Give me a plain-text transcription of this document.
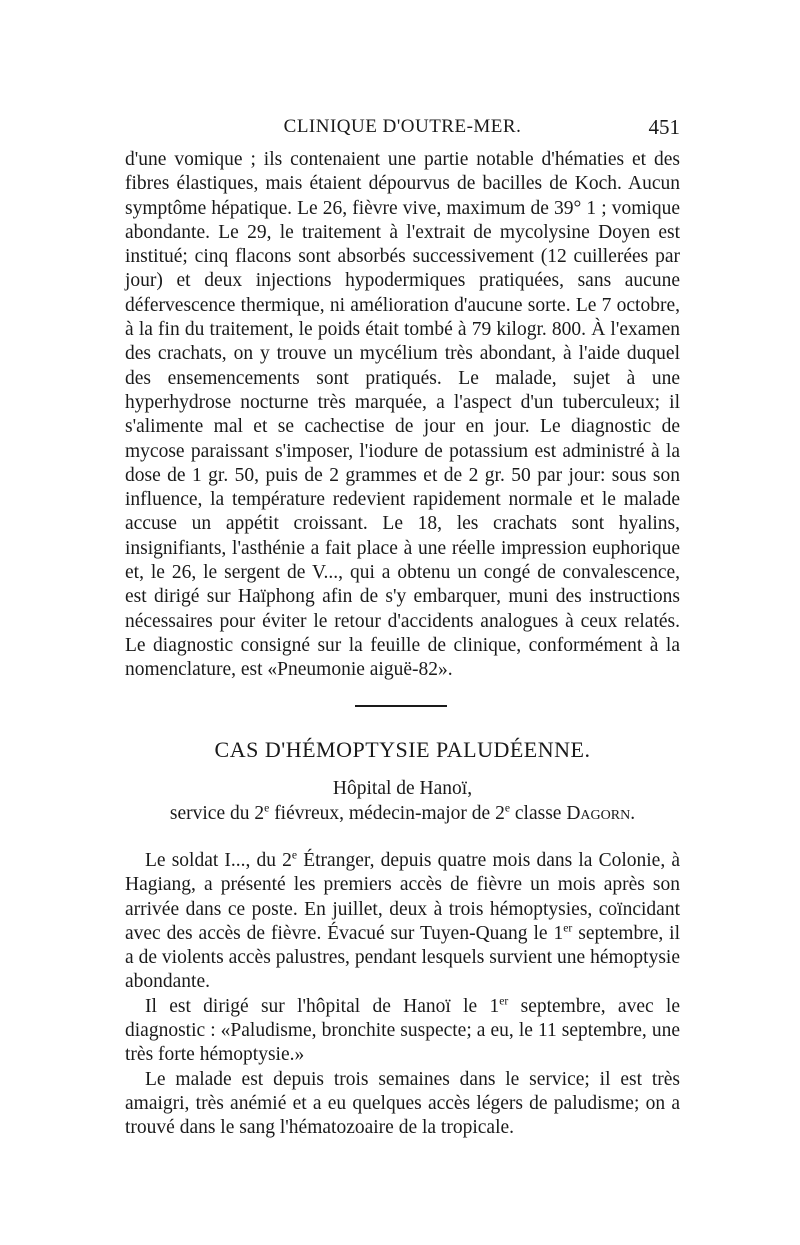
CLINIQUE D'OUTRE-MER.	451

d'une vomique ; ils contenaient une partie notable d'hématies et des fibres élastiques, mais étaient dépourvus de bacilles de Koch. Aucun symptôme hépatique. Le 26, fièvre vive, maximum de 39° 1 ; vomique abondante. Le 29, le traitement à l'extrait de mycolysine Doyen est institué; cinq flacons sont absorbés successivement (12 cuillerées par jour) et deux injections hypodermiques pratiquées, sans aucune défervescence thermique, ni amélioration d'aucune sorte. Le 7 octobre, à la fin du traitement, le poids était tombé à 79 kilogr. 800. À l'examen des crachats, on y trouve un mycélium très abondant, à l'aide duquel des ensemencements sont pratiqués. Le malade, sujet à une hyperhydrose nocturne très marquée, a l'aspect d'un tuberculeux; il s'alimente mal et se cachectise de jour en jour. Le diagnostic de mycose paraissant s'imposer, l'iodure de potassium est administré à la dose de 1 gr. 50, puis de 2 grammes et de 2 gr. 50 par jour: sous son influence, la température redevient rapidement normale et le malade accuse un appétit croissant. Le 18, les crachats sont hyalins, insignifiants, l'asthénie a fait place à une réelle impression euphorique et, le 26, le sergent de V..., qui a obtenu un congé de convalescence, est dirigé sur Haïphong afin de s'y embarquer, muni des instructions nécessaires pour éviter le retour d'accidents analogues à ceux relatés. Le diagnostic consigné sur la feuille de clinique, conformément à la nomenclature, est «Pneumonie aiguë-82».

CAS D'HÉMOPTYSIE PALUDÉENNE.
Hôpital de Hanoï,
service du 2e fiévreux, médecin-major de 2e classe Dagorn.

Le soldat I..., du 2e Étranger, depuis quatre mois dans la Colonie, à Hagiang, a présenté les premiers accès de fièvre un mois après son arrivée dans ce poste. En juillet, deux à trois hémoptysies, coïncidant avec des accès de fièvre. Évacué sur Tuyen-Quang le 1er septembre, il a de violents accès palustres, pendant lesquels survient une hémoptysie abondante.

Il est dirigé sur l'hôpital de Hanoï le 1er septembre, avec le diagnostic : «Paludisme, bronchite suspecte; a eu, le 11 septembre, une très forte hémoptysie.»

Le malade est depuis trois semaines dans le service; il est très amaigri, très anémié et a eu quelques accès légers de paludisme; on a trouvé dans le sang l'hématozoaire de la tropicale.
